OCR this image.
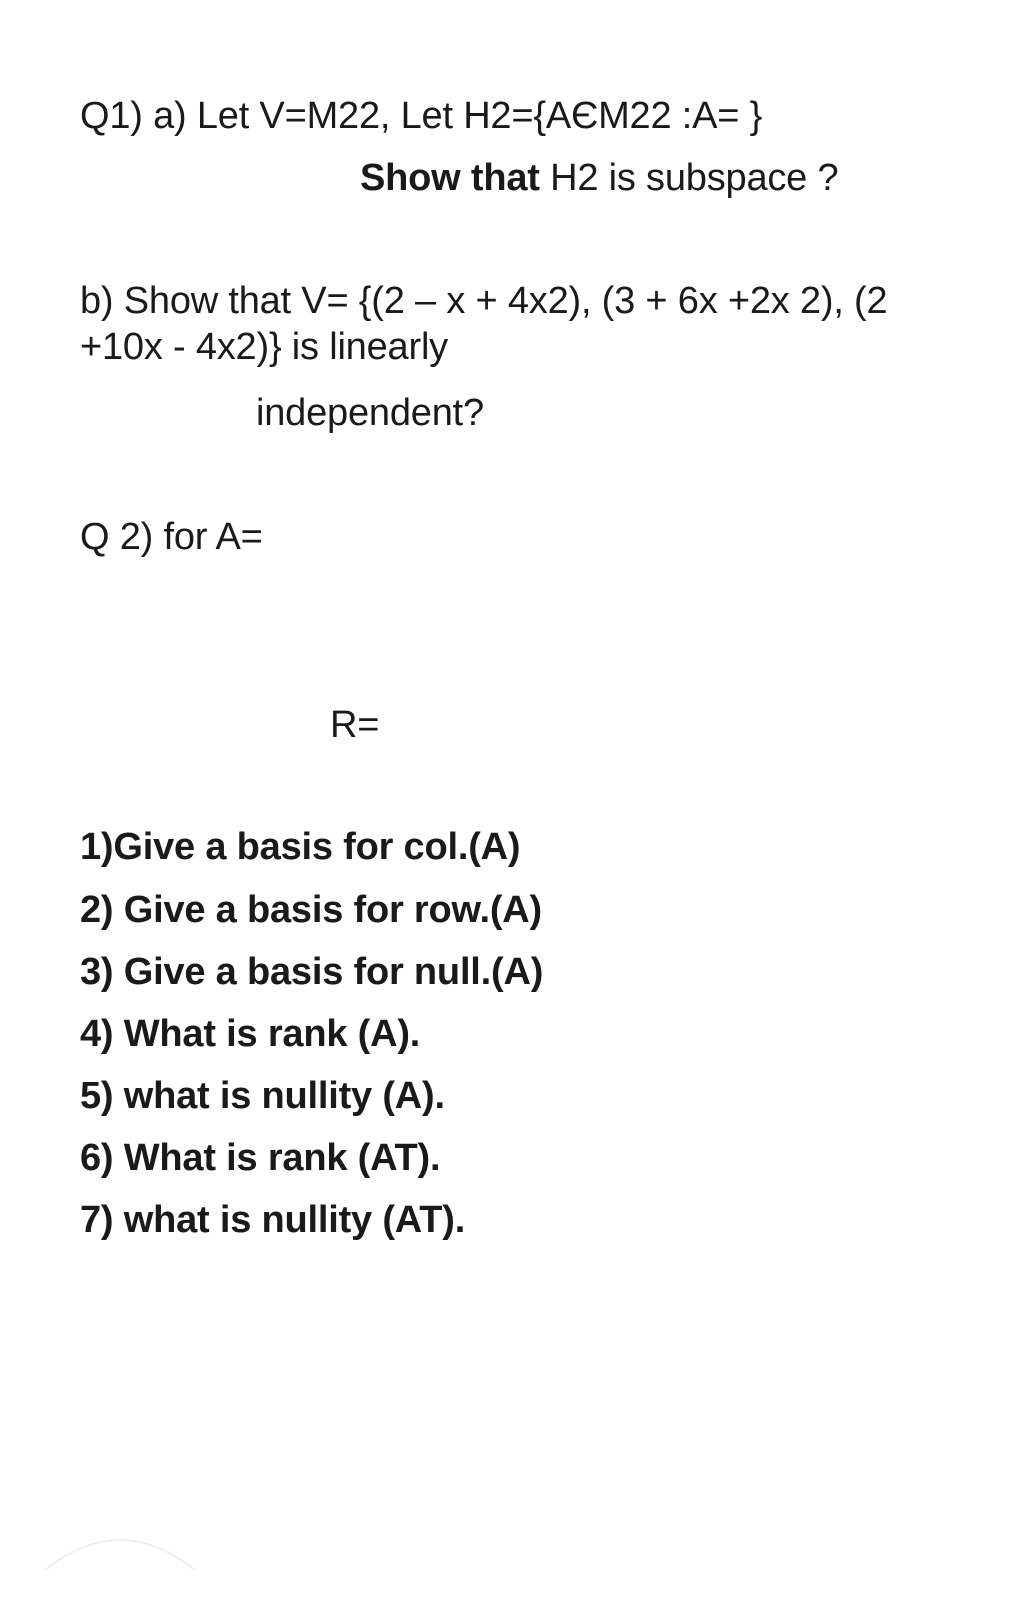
Q1) a) Let V=M22, Let H2={AЄM22 :A= }
Show that H2 is subspace ?
b) Show that V= {(2 – x + 4x2), (3 + 6x +2x 2), (2
+10x - 4x2)} is linearly
independent?
Q 2) for A=
R=
1)Give a basis for col.(A)
2) Give a basis for row.(A)
3) Give a basis for null.(A)
4) What is rank (A).
5) what is nullity (A).
6) What is rank (AT).
7) what is nullity (AT).
